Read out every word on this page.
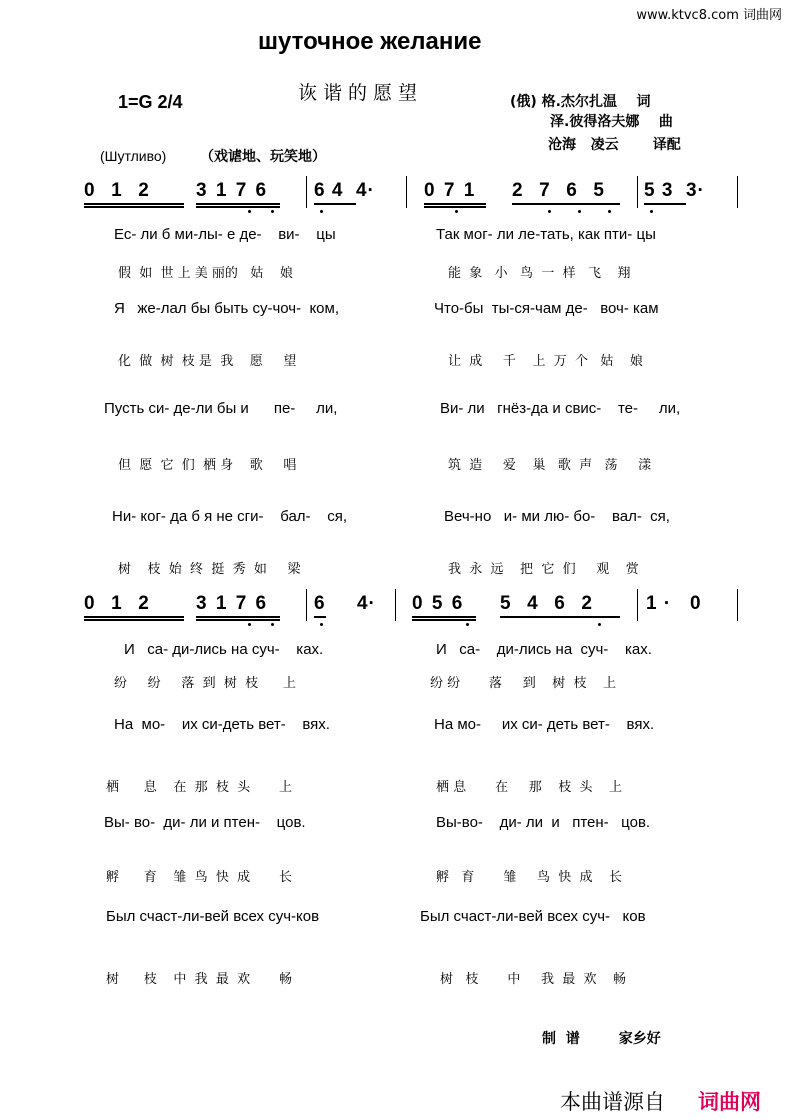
www.ktvc8.com 词曲网
шуточное желание
诙谐的愿望
1=G 2/4	(俄) 格.杰尔扎温    词
泽.彼得洛夫娜    曲
沧海   凌云       译配
(Шутливо) （戏谑地、玩笑地）
0  1  2 3 1 7 6 6 4  4·	0 7 1 2  7  6  5 5 3  3·
Ес- ли б ми-лы- е де-    ви-    цы	Так мог- ли ле-тать, как пти- цы
假  如  世 上 美 丽的   姑    娘	能  象   小   鸟  一  样   飞    翔
Я   же-лал бы быть су-чоч-  ком,	Что-бы  ты-ся-чам де-   воч- кам
化  做  树  枝 是  我    愿     望	让  成     千    上  万  个   姑    娘
Пусть си- де-ли бы и      пе-     ли,	Ви- ли   гнёз-да и свис-    те-     ли,
但  愿  它  们  栖 身    歌     唱	筑  造     爱    巢   歌  声   荡     漾
Ни- ког- да б я не сги-    бал-    ся,	Веч-но   и- ми лю- бо-    вал-  ся,
树    枝  始  终  挺  秀  如     梁	我  永  远    把  它  们     观    赏
0  1  2 3 1 7 6 6     4· 0 5 6 5  4  6  2	1 ·   0
И   са- ди-лись на суч-    ках.	И   са-    ди-лись на  суч-    ках.
纷     纷     落  到  树  枝      上	纷 纷       落     到    树  枝    上
На  мо-    их си-деть вет-    вях.	На мо-     их си- деть вет-    вях.
栖      息    在  那  枝  头       上	栖 息       在     那    枝  头    上
Вы- во-  ди- ли и птен-    цов.	Вы-во-    ди- ли  и   птен-   цов.
孵      育    雏  鸟  快  成       长	孵   育       雏     鸟  快  成    长
Был счаст-ли-вей всех суч-ков	Был счаст-ли-вей всех суч-   ков
树      枝    中  我  最  欢       畅	树   枝       中     我  最  欢    畅
制  谱        家乡好
本曲谱源自 词曲网
